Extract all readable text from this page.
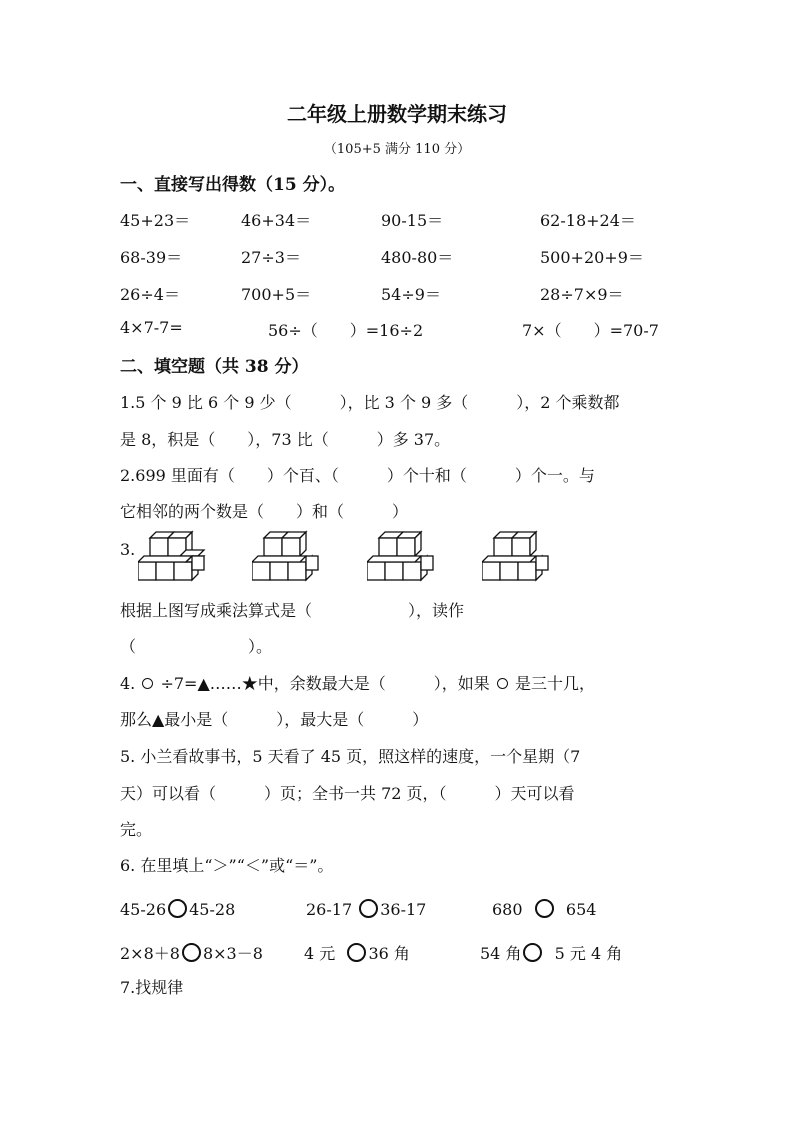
二年级上册数学期末练习
（105+5 满分 110 分）
一、直接写出得数（15 分）。
45+23＝	46+34＝	90-15＝	62-18+24＝
68-39＝	27÷3＝	480-80＝	500+20+9＝
26÷4＝	700+5＝	54÷9＝	28÷7×9＝
4×7-7=	56÷（　　）=16÷2	7×（　　）=70-7
二、填空题（共 38 分）
1.5 个 9 比 6 个 9 少（　　　），比 3 个 9 多（　　　），2 个乘数都
是 8，积是（　　），73 比（　　　）多 37。
2.699 里面有（　　）个百、（　　　）个十和（　　　）个一。与
它相邻的两个数是（　　）和（　　　）
3.
根据上图写成乘法算式是（　　　　　　），读作
（　　　　　　　）。
4. ÷7=▲……★中，余数最大是（　　　），如果 是三十几，
那么▲最小是（　　　），最大是（　　　）
5. 小兰看故事书，5 天看了 45 页，照这样的速度，一个星期（7
天）可以看（　　　）页；全书一共 72 页，（　　　）天可以看
完。
6. 在里填上“＞”“＜”或“＝”。
45-26 45-28	26-17 36-17	680	654
2×8＋8 8×3－8	4 元 36 角	54 角 5 元 4 角
7.找规律
